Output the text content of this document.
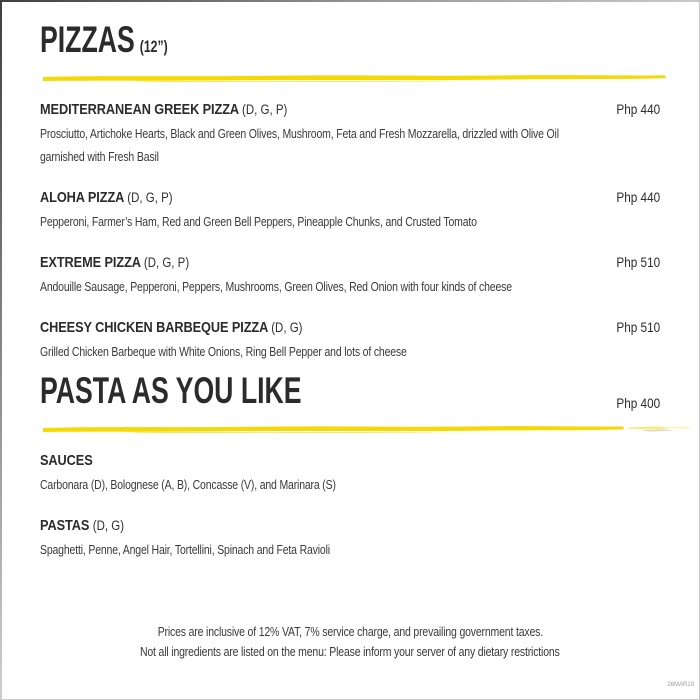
PIZZAS (12”)
MEDITERRANEAN GREEK PIZZA (D, G, P)	Php 440

Prosciutto, Artichoke Hearts, Black and Green Olives, Mushroom, Feta and Fresh Mozzarella, drizzled with Olive Oil garnished with Fresh Basil

ALOHA PIZZA (D, G, P)	Php 440

Pepperoni, Farmer’s Ham, Red and Green Bell Peppers, Pineapple Chunks, and Crusted Tomato

EXTREME PIZZA (D, G, P)	Php 510

Andouille Sausage, Pepperoni, Peppers, Mushrooms, Green Olives, Red Onion with four kinds of cheese

CHEESY CHICKEN BARBEQUE PIZZA (D, G)	Php 510

Grilled Chicken Barbeque with White Onions, Ring Bell Pepper and lots of cheese

PASTA AS YOU LIKE	Php 400
SAUCES

Carbonara (D), Bolognese (A, B), Concasse (V), and Marinara (S)

PASTAS (D, G)

Spaghetti, Penne, Angel Hair, Tortellini, Spinach and Feta Ravioli

Prices are inclusive of 12% VAT, 7% service charge, and prevailing government taxes.
Not all ingredients are listed on the menu: Please inform your server of any dietary restrictions
26MAR19
